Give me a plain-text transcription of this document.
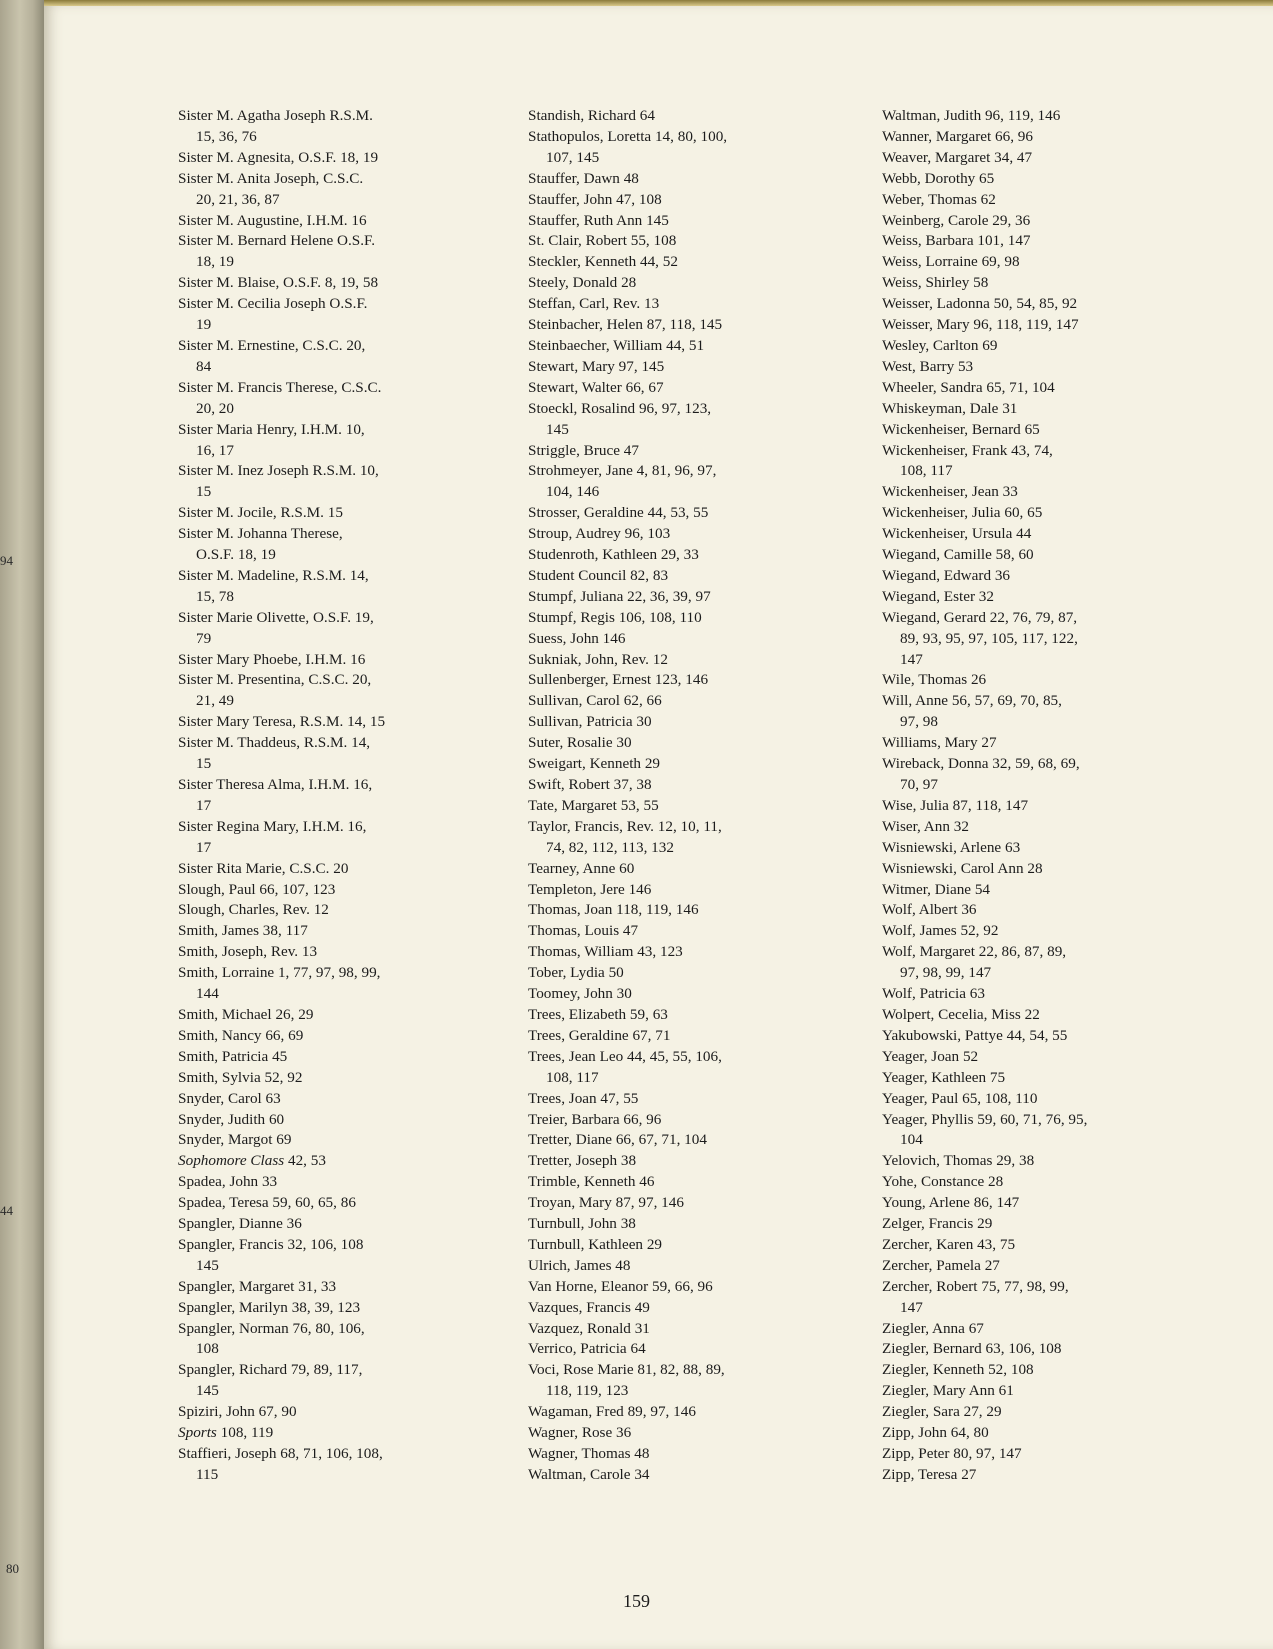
94
44
80
Sister M. Agatha Joseph R.S.M.
15, 36, 76
Sister M. Agnesita, O.S.F. 18, 19
Sister M. Anita Joseph, C.S.C.
20, 21, 36, 87
Sister M. Augustine, I.H.M. 16
Sister M. Bernard Helene O.S.F.
18, 19
Sister M. Blaise, O.S.F. 8, 19, 58
Sister M. Cecilia Joseph O.S.F.
19
Sister M. Ernestine, C.S.C. 20,
84
Sister M. Francis Therese, C.S.C.
20, 20
Sister Maria Henry, I.H.M. 10,
16, 17
Sister M. Inez Joseph R.S.M. 10,
15
Sister M. Jocile, R.S.M. 15
Sister M. Johanna Therese,
O.S.F. 18, 19
Sister M. Madeline, R.S.M. 14,
15, 78
Sister Marie Olivette, O.S.F. 19,
79
Sister Mary Phoebe, I.H.M. 16
Sister M. Presentina, C.S.C. 20,
21, 49
Sister Mary Teresa, R.S.M. 14, 15
Sister M. Thaddeus, R.S.M. 14,
15
Sister Theresa Alma, I.H.M. 16,
17
Sister Regina Mary, I.H.M. 16,
17
Sister Rita Marie, C.S.C. 20
Slough, Paul 66, 107, 123
Slough, Charles, Rev. 12
Smith, James 38, 117
Smith, Joseph, Rev. 13
Smith, Lorraine 1, 77, 97, 98, 99,
144
Smith, Michael 26, 29
Smith, Nancy 66, 69
Smith, Patricia 45
Smith, Sylvia 52, 92
Snyder, Carol 63
Snyder, Judith 60
Snyder, Margot 69
Sophomore Class 42, 53
Spadea, John 33
Spadea, Teresa 59, 60, 65, 86
Spangler, Dianne 36
Spangler, Francis 32, 106, 108
145
Spangler, Margaret 31, 33
Spangler, Marilyn 38, 39, 123
Spangler, Norman 76, 80, 106,
108
Spangler, Richard 79, 89, 117,
145
Spiziri, John 67, 90
Sports 108, 119
Staffieri, Joseph 68, 71, 106, 108,
115
Standish, Richard 64
Stathopulos, Loretta 14, 80, 100,
107, 145
Stauffer, Dawn 48
Stauffer, John 47, 108
Stauffer, Ruth Ann 145
St. Clair, Robert 55, 108
Steckler, Kenneth 44, 52
Steely, Donald 28
Steffan, Carl, Rev. 13
Steinbacher, Helen 87, 118, 145
Steinbaecher, William 44, 51
Stewart, Mary 97, 145
Stewart, Walter 66, 67
Stoeckl, Rosalind 96, 97, 123,
145
Striggle, Bruce 47
Strohmeyer, Jane 4, 81, 96, 97,
104, 146
Strosser, Geraldine 44, 53, 55
Stroup, Audrey 96, 103
Studenroth, Kathleen 29, 33
Student Council 82, 83
Stumpf, Juliana 22, 36, 39, 97
Stumpf, Regis 106, 108, 110
Suess, John 146
Sukniak, John, Rev. 12
Sullenberger, Ernest 123, 146
Sullivan, Carol 62, 66
Sullivan, Patricia 30
Suter, Rosalie 30
Sweigart, Kenneth 29
Swift, Robert 37, 38
Tate, Margaret 53, 55
Taylor, Francis, Rev. 12, 10, 11,
74, 82, 112, 113, 132
Tearney, Anne 60
Templeton, Jere 146
Thomas, Joan 118, 119, 146
Thomas, Louis 47
Thomas, William 43, 123
Tober, Lydia 50
Toomey, John 30
Trees, Elizabeth 59, 63
Trees, Geraldine 67, 71
Trees, Jean Leo 44, 45, 55, 106,
108, 117
Trees, Joan 47, 55
Treier, Barbara 66, 96
Tretter, Diane 66, 67, 71, 104
Tretter, Joseph 38
Trimble, Kenneth 46
Troyan, Mary 87, 97, 146
Turnbull, John 38
Turnbull, Kathleen 29
Ulrich, James 48
Van Horne, Eleanor 59, 66, 96
Vazques, Francis 49
Vazquez, Ronald 31
Verrico, Patricia 64
Voci, Rose Marie 81, 82, 88, 89,
118, 119, 123
Wagaman, Fred 89, 97, 146
Wagner, Rose 36
Wagner, Thomas 48
Waltman, Carole 34
Waltman, Judith 96, 119, 146
Wanner, Margaret 66, 96
Weaver, Margaret 34, 47
Webb, Dorothy 65
Weber, Thomas 62
Weinberg, Carole 29, 36
Weiss, Barbara 101, 147
Weiss, Lorraine 69, 98
Weiss, Shirley 58
Weisser, Ladonna 50, 54, 85, 92
Weisser, Mary 96, 118, 119, 147
Wesley, Carlton 69
West, Barry 53
Wheeler, Sandra 65, 71, 104
Whiskeyman, Dale 31
Wickenheiser, Bernard 65
Wickenheiser, Frank 43, 74,
108, 117
Wickenheiser, Jean 33
Wickenheiser, Julia 60, 65
Wickenheiser, Ursula 44
Wiegand, Camille 58, 60
Wiegand, Edward 36
Wiegand, Ester 32
Wiegand, Gerard 22, 76, 79, 87,
89, 93, 95, 97, 105, 117, 122,
147
Wile, Thomas 26
Will, Anne 56, 57, 69, 70, 85,
97, 98
Williams, Mary 27
Wireback, Donna 32, 59, 68, 69,
70, 97
Wise, Julia 87, 118, 147
Wiser, Ann 32
Wisniewski, Arlene 63
Wisniewski, Carol Ann 28
Witmer, Diane 54
Wolf, Albert 36
Wolf, James 52, 92
Wolf, Margaret 22, 86, 87, 89,
97, 98, 99, 147
Wolf, Patricia 63
Wolpert, Cecelia, Miss 22
Yakubowski, Pattye 44, 54, 55
Yeager, Joan 52
Yeager, Kathleen 75
Yeager, Paul 65, 108, 110
Yeager, Phyllis 59, 60, 71, 76, 95,
104
Yelovich, Thomas 29, 38
Yohe, Constance 28
Young, Arlene 86, 147
Zelger, Francis 29
Zercher, Karen 43, 75
Zercher, Pamela 27
Zercher, Robert 75, 77, 98, 99,
147
Ziegler, Anna 67
Ziegler, Bernard 63, 106, 108
Ziegler, Kenneth 52, 108
Ziegler, Mary Ann 61
Ziegler, Sara 27, 29
Zipp, John 64, 80
Zipp, Peter 80, 97, 147
Zipp, Teresa 27
159
